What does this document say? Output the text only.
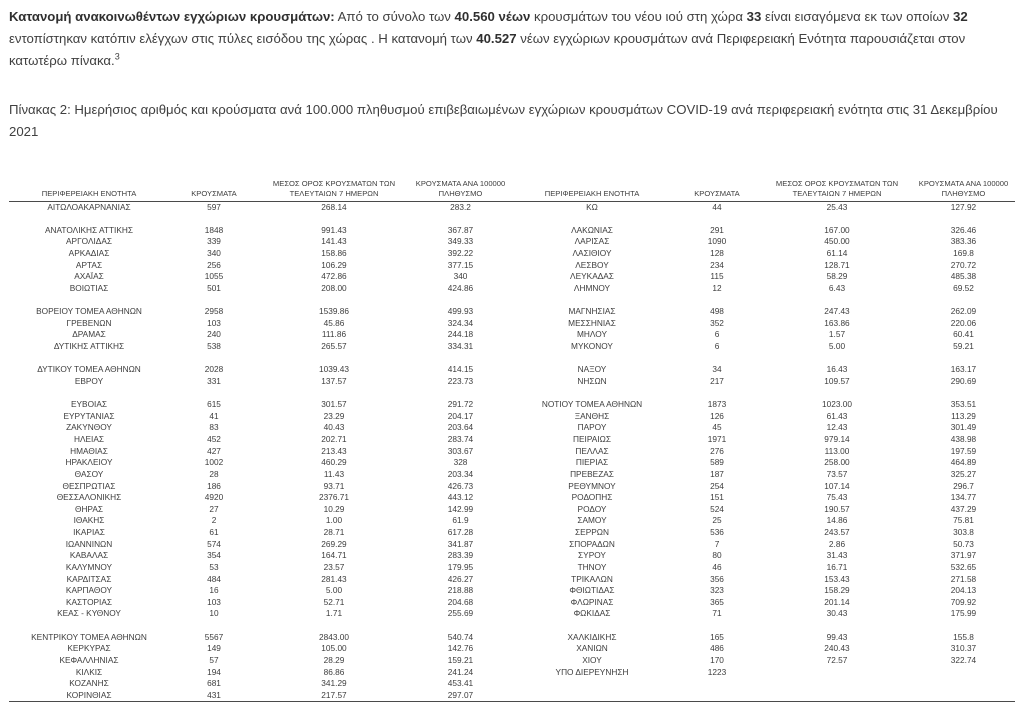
Κατανομή ανακοινωθέντων εγχώριων κρουσμάτων: Από το σύνολο των 40.560 νέων κρουσμάτων του νέου ιού στη χώρα 33 είναι εισαγόμενα εκ των οποίων 32 εντοπίστηκαν κατόπιν ελέγχων στις πύλες εισόδου της χώρας . Η κατανομή των 40.527 νέων εγχώριων κρουσμάτων ανά Περιφερειακή Ενότητα παρουσιάζεται στον κατωτέρω πίνακα.$^3$

Πίνακας 2: Ημερήσιος αριθμός και κρούσματα ανά 100.000 πληθυσμού επιβεβαιωμένων εγχώριων κρουσμάτων COVID-19 ανά περιφερειακή ενότητα στις 31 Δεκεμβρίου 2021

ΠΕΡΙΦΕΡΕΙΑΚΗ ΕΝΟΤΗΤΑ	ΚΡΟΥΣΜΑΤΑ	ΜΕΣΟΣ ΟΡΟΣ ΚΡΟΥΣΜΑΤΩΝ ΤΩΝ ΤΕΛΕΥΤΑΙΩΝ 7 ΗΜΕΡΩΝ	ΚΡΟΥΣΜΑΤΑ ΑΝΑ 100000 ΠΛΗΘΥΣΜΟ	ΠΕΡΙΦΕΡΕΙΑΚΗ ΕΝΟΤΗΤΑ	ΚΡΟΥΣΜΑΤΑ	ΜΕΣΟΣ ΟΡΟΣ ΚΡΟΥΣΜΑΤΩΝ ΤΩΝ ΤΕΛΕΥΤΑΙΩΝ 7 ΗΜΕΡΩΝ	ΚΡΟΥΣΜΑΤΑ ΑΝΑ 100000 ΠΛΗΘΥΣΜΟ
ΑΙΤΩΛΟΑΚΑΡΝΑΝΙΑΣ	597	268.14	283.2	ΚΩ	44	25.43	127.92

ΑΝΑΤΟΛΙΚΗΣ ΑΤΤΙΚΗΣ	1848	991.43	367.87	ΛΑΚΩΝΙΑΣ	291	167.00	326.46
ΑΡΓΟΛΙΔΑΣ	339	141.43	349.33	ΛΑΡΙΣΑΣ	1090	450.00	383.36
ΑΡΚΑΔΙΑΣ	340	158.86	392.22	ΛΑΣΙΘΙΟΥ	128	61.14	169.8
ΑΡΤΑΣ	256	106.29	377.15	ΛΕΣΒΟΥ	234	128.71	270.72
ΑΧΑΪΑΣ	1055	472.86	340	ΛΕΥΚΑΔΑΣ	115	58.29	485.38
ΒΟΙΩΤΙΑΣ	501	208.00	424.86	ΛΗΜΝΟΥ	12	6.43	69.52

ΒΟΡΕΙΟΥ ΤΟΜΕΑ ΑΘΗΝΩΝ	2958	1539.86	499.93	ΜΑΓΝΗΣΙΑΣ	498	247.43	262.09
ΓΡΕΒΕΝΩΝ	103	45.86	324.34	ΜΕΣΣΗΝΙΑΣ	352	163.86	220.06
ΔΡΑΜΑΣ	240	111.86	244.18	ΜΗΛΟΥ	6	1.57	60.41
ΔΥΤΙΚΗΣ ΑΤΤΙΚΗΣ	538	265.57	334.31	ΜΥΚΟΝΟΥ	6	5.00	59.21

ΔΥΤΙΚΟΥ ΤΟΜΕΑ ΑΘΗΝΩΝ	2028	1039.43	414.15	ΝΑΞΟΥ	34	16.43	163.17
ΕΒΡΟΥ	331	137.57	223.73	ΝΗΣΩΝ	217	109.57	290.69

ΕΥΒΟΙΑΣ	615	301.57	291.72	ΝΟΤΙΟΥ ΤΟΜΕΑ ΑΘΗΝΩΝ	1873	1023.00	353.51
ΕΥΡΥΤΑΝΙΑΣ	41	23.29	204.17	ΞΑΝΘΗΣ	126	61.43	113.29
ΖΑΚΥΝΘΟΥ	83	40.43	203.64	ΠΑΡΟΥ	45	12.43	301.49
ΗΛΕΙΑΣ	452	202.71	283.74	ΠΕΙΡΑΙΩΣ	1971	979.14	438.98
ΗΜΑΘΙΑΣ	427	213.43	303.67	ΠΕΛΛΑΣ	276	113.00	197.59
ΗΡΑΚΛΕΙΟΥ	1002	460.29	328	ΠΙΕΡΙΑΣ	589	258.00	464.89
ΘΑΣΟΥ	28	11.43	203.34	ΠΡΕΒΕΖΑΣ	187	73.57	325.27
ΘΕΣΠΡΩΤΙΑΣ	186	93.71	426.73	ΡΕΘΥΜΝΟΥ	254	107.14	296.7
ΘΕΣΣΑΛΟΝΙΚΗΣ	4920	2376.71	443.12	ΡΟΔΟΠΗΣ	151	75.43	134.77
ΘΗΡΑΣ	27	10.29	142.99	ΡΟΔΟΥ	524	190.57	437.29
ΙΘΑΚΗΣ	2	1.00	61.9	ΣΑΜΟΥ	25	14.86	75.81
ΙΚΑΡΙΑΣ	61	28.71	617.28	ΣΕΡΡΩΝ	536	243.57	303.8
ΙΩΑΝΝΙΝΩΝ	574	269.29	341.87	ΣΠΟΡΑΔΩΝ	7	2.86	50.73
ΚΑΒΑΛΑΣ	354	164.71	283.39	ΣΥΡΟΥ	80	31.43	371.97
ΚΑΛΥΜΝΟΥ	53	23.57	179.95	ΤΗΝΟΥ	46	16.71	532.65
ΚΑΡΔΙΤΣΑΣ	484	281.43	426.27	ΤΡΙΚΑΛΩΝ	356	153.43	271.58
ΚΑΡΠΑΘΟΥ	16	5.00	218.88	ΦΘΙΩΤΙΔΑΣ	323	158.29	204.13
ΚΑΣΤΟΡΙΑΣ	103	52.71	204.68	ΦΛΩΡΙΝΑΣ	365	201.14	709.92
ΚΕΑΣ - ΚΥΘΝΟΥ	10	1.71	255.69	ΦΩΚΙΔΑΣ	71	30.43	175.99

ΚΕΝΤΡΙΚΟΥ ΤΟΜΕΑ ΑΘΗΝΩΝ	5567	2843.00	540.74	ΧΑΛΚΙΔΙΚΗΣ	165	99.43	155.8
ΚΕΡΚΥΡΑΣ	149	105.00	142.76	ΧΑΝΙΩΝ	486	240.43	310.37
ΚΕΦΑΛΛΗΝΙΑΣ	57	28.29	159.21	ΧΙΟΥ	170	72.57	322.74
ΚΙΛΚΙΣ	194	86.86	241.24	ΥΠΟ ΔΙΕΡΕΥΝΗΣΗ	1223		
ΚΟΖΑΝΗΣ	681	341.29	453.41				
ΚΟΡΙΝΘΙΑΣ	431	217.57	297.07				
